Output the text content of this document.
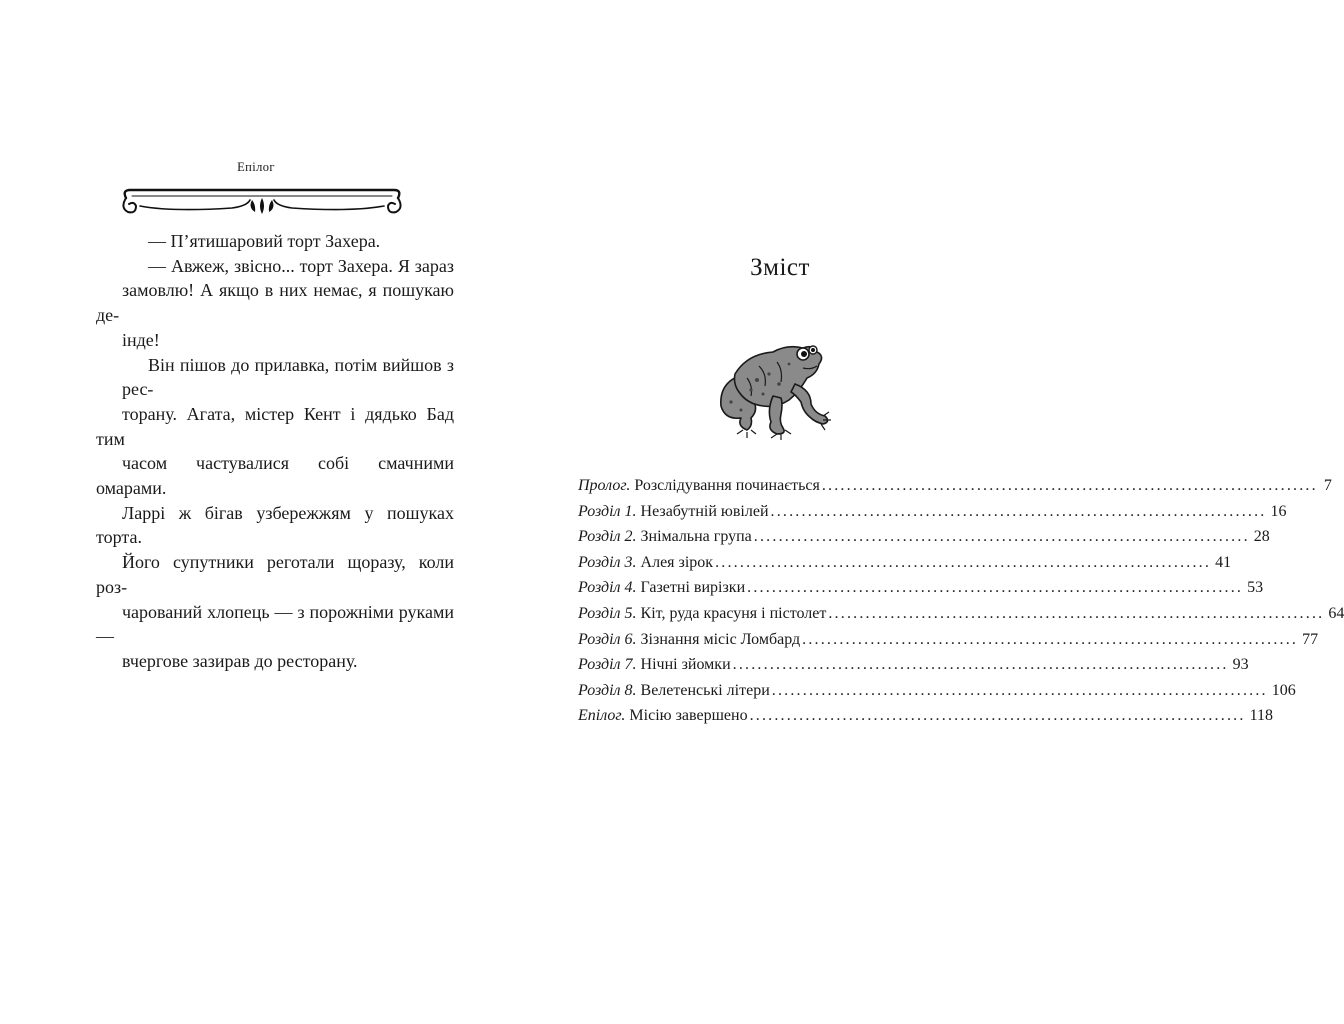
Епілог

— П’ятишаровий торт Захера.

— Авжеж, звісно... торт Захера. Я зараз
замовлю! А якщо в них немає, я пошукаю де-
інде!

Він пішов до прилавка, потім вийшов з рес-
торану. Агата, містер Кент і дядько Бад тим
часом частувалися собі смачними омарами.
Ларрі ж бігав узбережжям у пошуках торта.
Його супутники реготали щоразу, коли роз-
чарований хлопець — з порожніми руками —
вчергове зазирав до ресторану.

Зміст
Пролог. Розслідування починається ................................................................................ 7
Розділ 1. Незабутній ювілей ................................................................................ 16
Розділ 2. Знімальна група ................................................................................ 28
Розділ 3. Алея зірок ................................................................................ 41
Розділ 4. Газетні вирізки ................................................................................ 53
Розділ 5. Кіт, руда красуня і пістолет ................................................................................ 64
Розділ 6. Зізнання місіс Ломбард ................................................................................ 77
Розділ 7. Нічні зйомки ................................................................................ 93
Розділ 8. Велетенські літери ................................................................................ 106
Епілог. Місію завершено ................................................................................ 118
